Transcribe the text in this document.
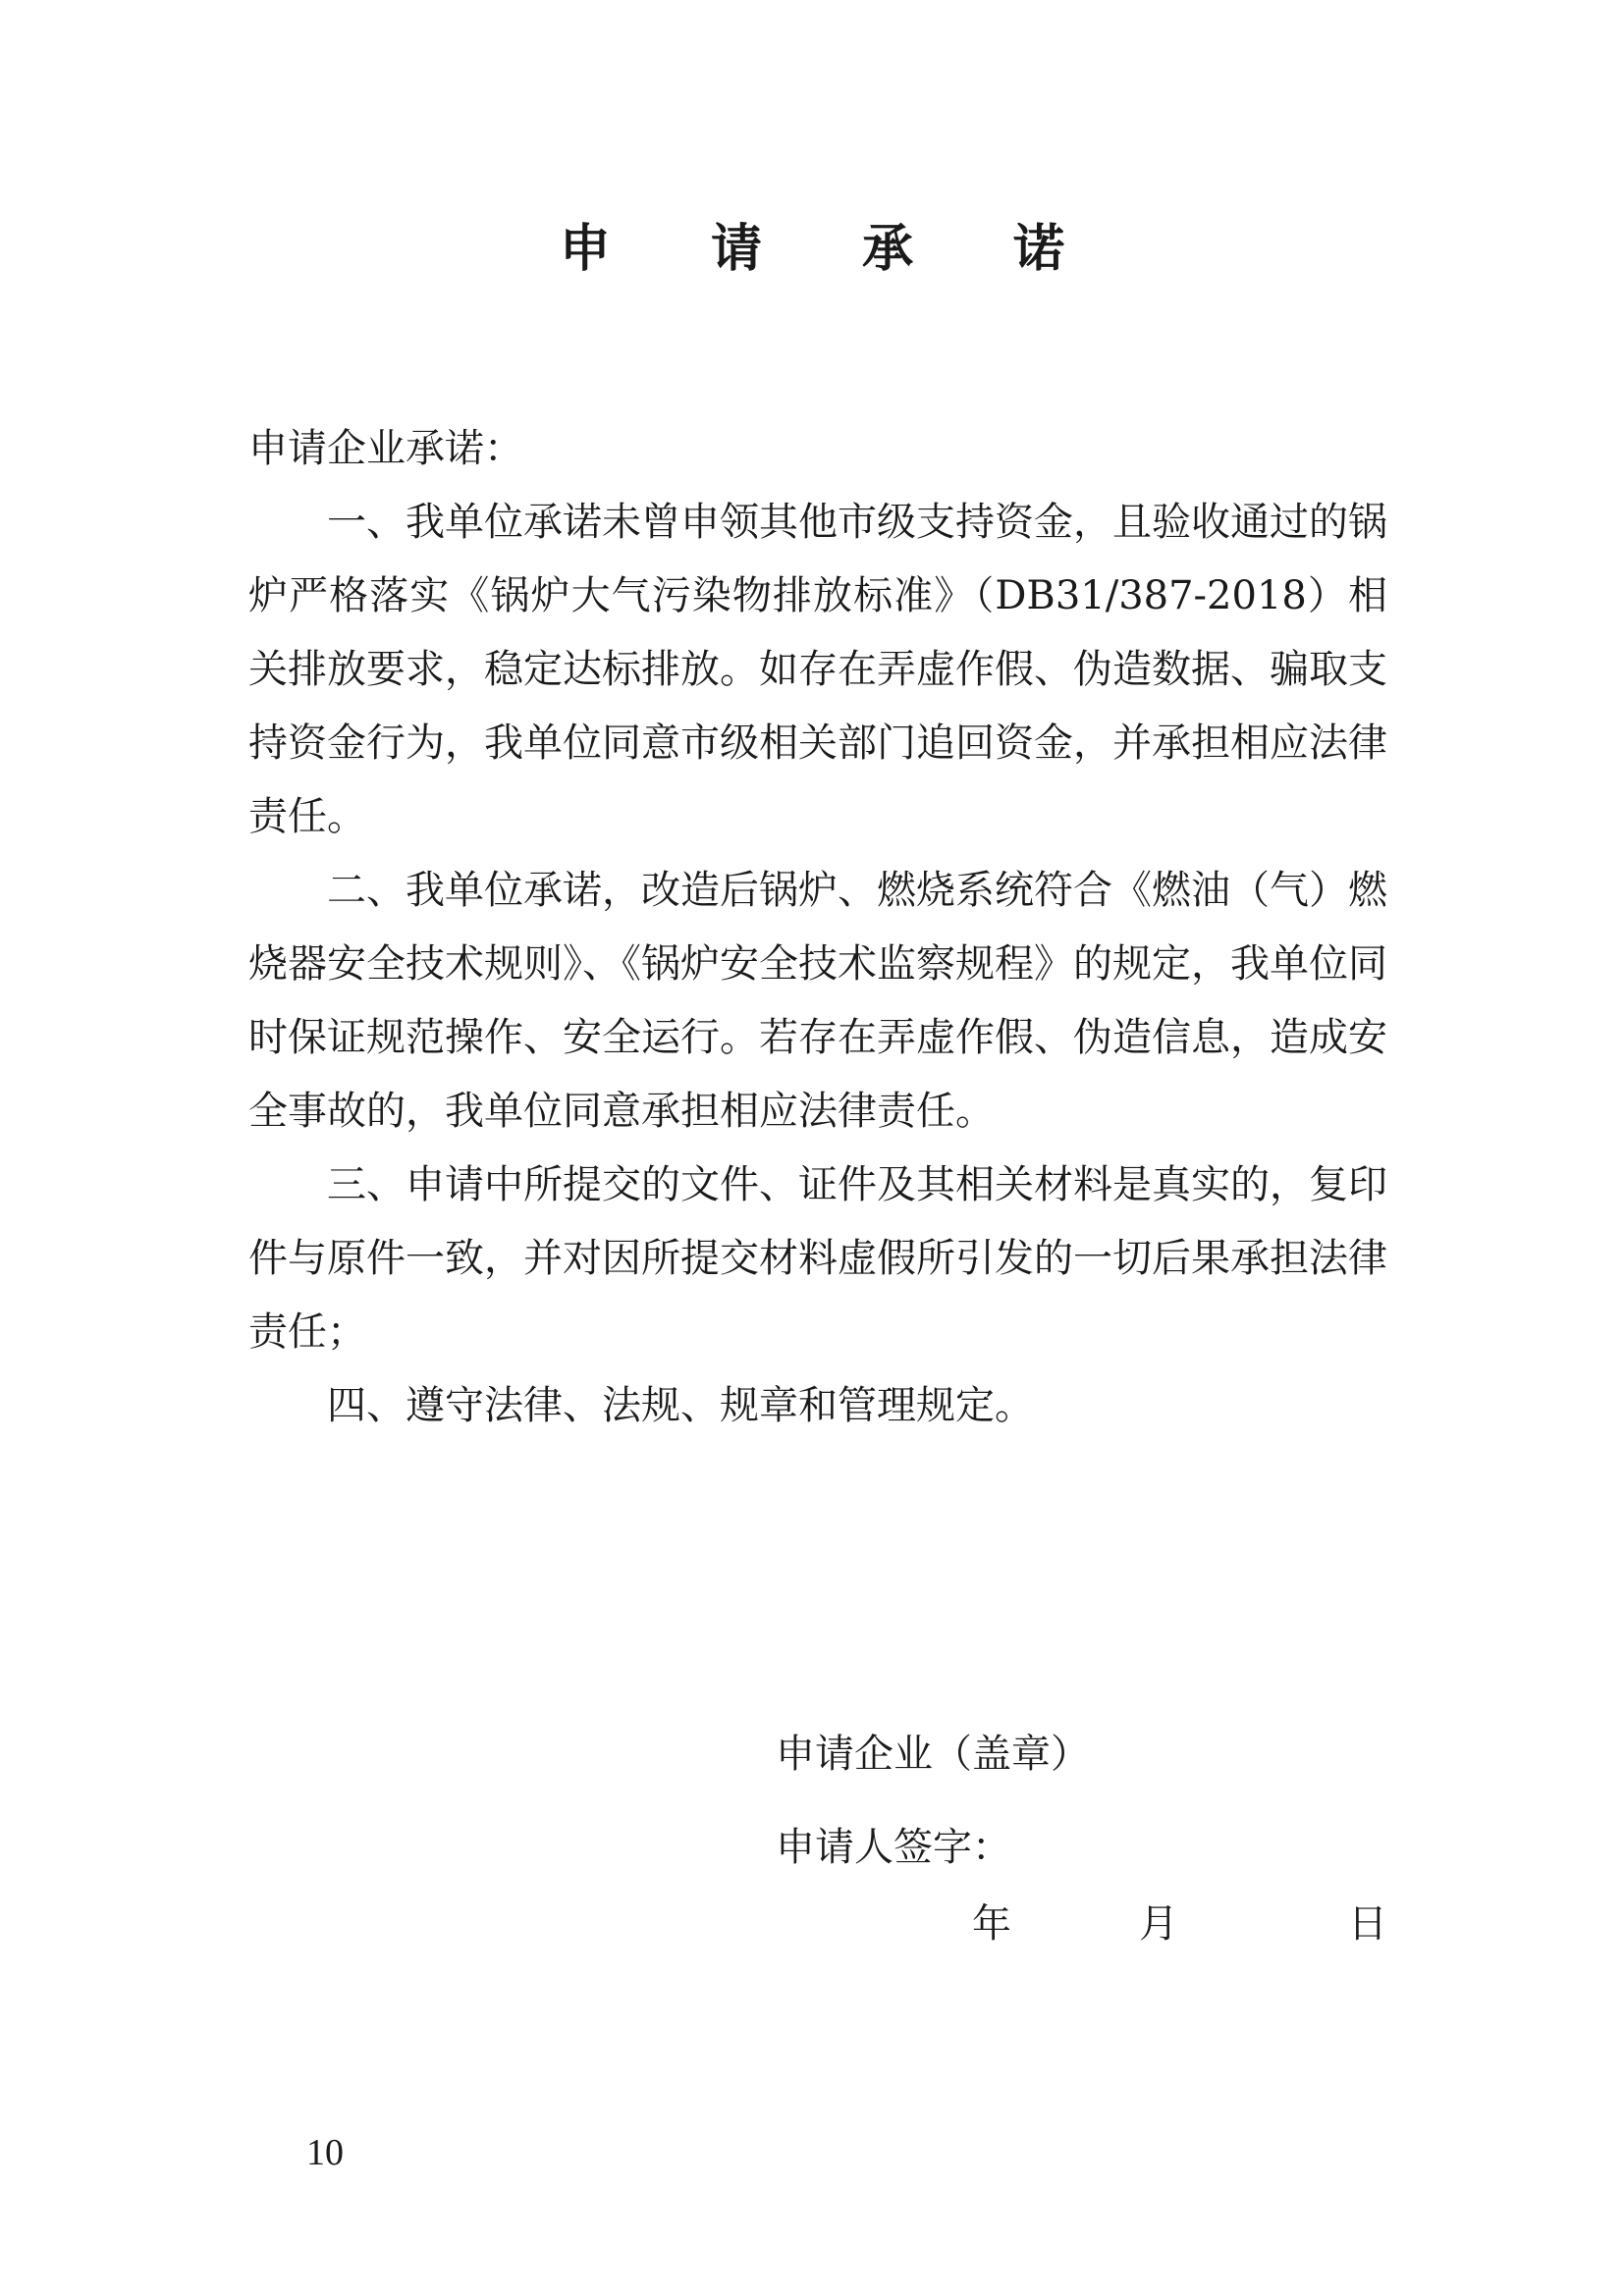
申 请 承 诺

申请企业承诺：

一、我单位承诺未曾申领其他市级支持资金，且验收通过的锅炉严格落实《锅炉大气污染物排放标准》（DB31/387-2018）相关排放要求，稳定达标排放。如存在弄虚作假、伪造数据、骗取支持资金行为，我单位同意市级相关部门追回资金，并承担相应法律责任。

二、我单位承诺，改造后锅炉、燃烧系统符合《燃油（气）燃烧器安全技术规则》、《锅炉安全技术监察规程》的规定，我单位同时保证规范操作、安全运行。若存在弄虚作假、伪造信息，造成安全事故的，我单位同意承担相应法律责任。

三、申请中所提交的文件、证件及其相关材料是真实的，复印件与原件一致，并对因所提交材料虚假所引发的一切后果承担法律责任；

四、遵守法律、法规、规章和管理规定。

申请企业（盖章）
申请人签字：
年	月	日
10
